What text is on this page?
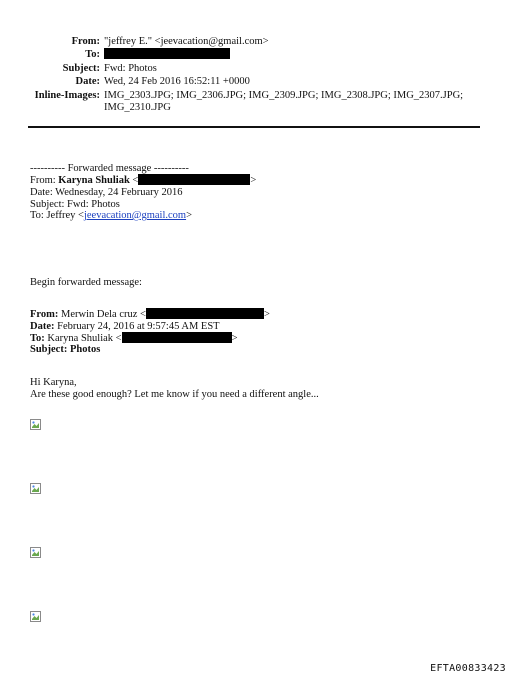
From: "jeffrey E." <jeevacation@gmail.com>
To:
Subject: Fwd: Photos
Date: Wed, 24 Feb 2016 16:52:11 +0000
Inline-Images: IMG_2303.JPG; IMG_2306.JPG; IMG_2309.JPG; IMG_2308.JPG; IMG_2307.JPG;
IMG_2310.JPG
---------- Forwarded message ----------
From: Karyna Shuliak <	>
Date: Wednesday, 24 February 2016
Subject: Fwd: Photos
To: Jeffrey <jeevacation@gmail.com>
Begin forwarded message:
From: Merwin Dela cruz <	>
Date: February 24, 2016 at 9:57:45 AM EST
To: Karyna Shuliak <	>
Subject: Photos
Hi Karyna,
Are these good enough? Let me know if you need a different angle...
EFTA00833423
